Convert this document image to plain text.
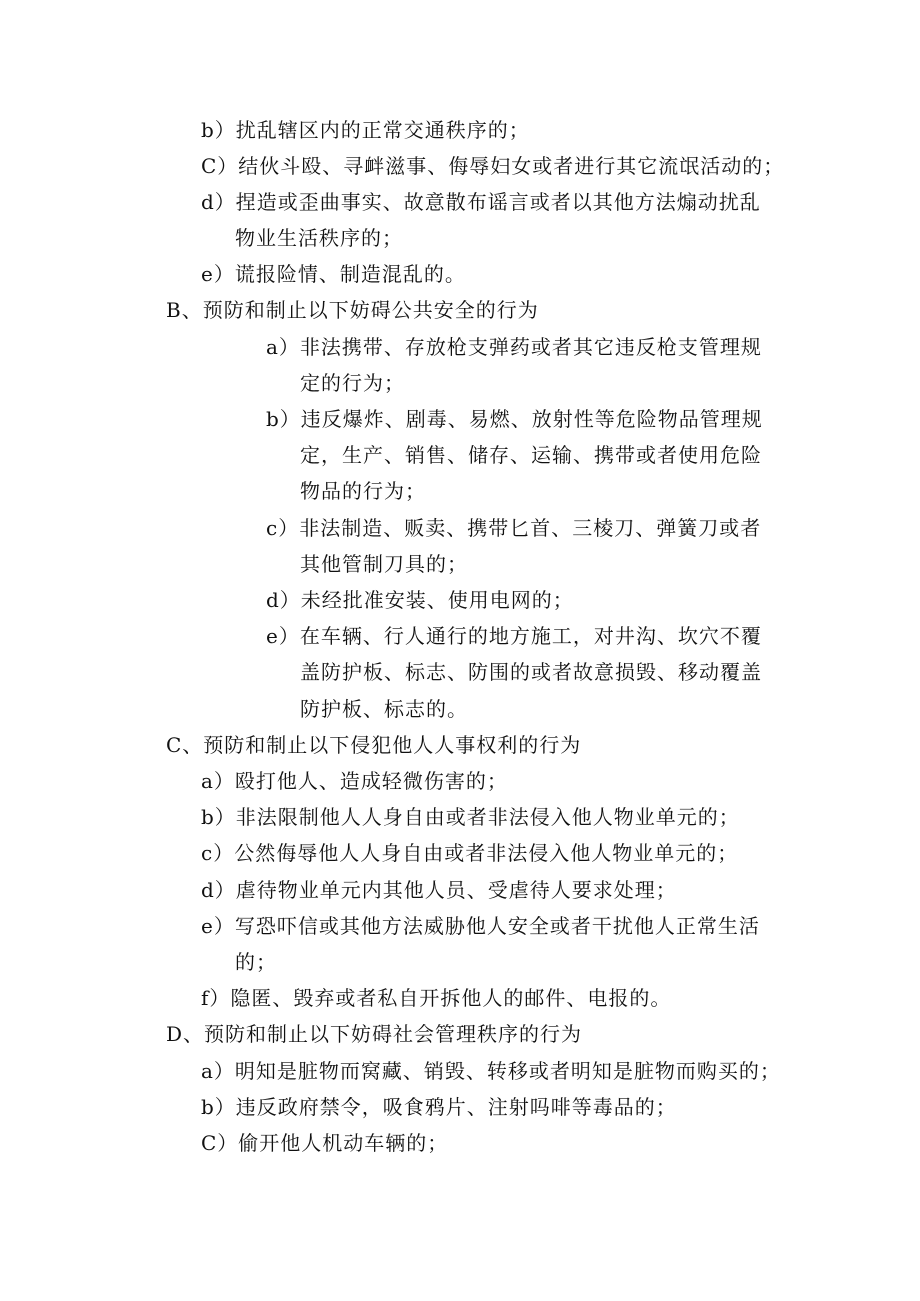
b）扰乱辖区内的正常交通秩序的；
C）结伙斗殴、寻衅滋事、侮辱妇女或者进行其它流氓活动的；
d）捏造或歪曲事实、故意散布谣言或者以其他方法煽动扰乱
物业生活秩序的；
e）谎报险情、制造混乱的。
B、预防和制止以下妨碍公共安全的行为
a）非法携带、存放枪支弹药或者其它违反枪支管理规
定的行为；
b）违反爆炸、剧毒、易燃、放射性等危险物品管理规
定，生产、销售、储存、运输、携带或者使用危险
物品的行为；
c）非法制造、贩卖、携带匕首、三棱刀、弹簧刀或者
其他管制刀具的；
d）未经批准安装、使用电网的；
e）在车辆、行人通行的地方施工，对井沟、坎穴不覆
盖防护板、标志、防围的或者故意损毁、移动覆盖
防护板、标志的。
C、预防和制止以下侵犯他人人事权利的行为
a）殴打他人、造成轻微伤害的；
b）非法限制他人人身自由或者非法侵入他人物业单元的；
c）公然侮辱他人人身自由或者非法侵入他人物业单元的；
d）虐待物业单元内其他人员、受虐待人要求处理；
e）写恐吓信或其他方法威胁他人安全或者干扰他人正常生活
的；
f）隐匿、毁弃或者私自开拆他人的邮件、电报的。
D、预防和制止以下妨碍社会管理秩序的行为
a）明知是脏物而窝藏、销毁、转移或者明知是脏物而购买的；
b）违反政府禁令，吸食鸦片、注射吗啡等毒品的；
C）偷开他人机动车辆的；
